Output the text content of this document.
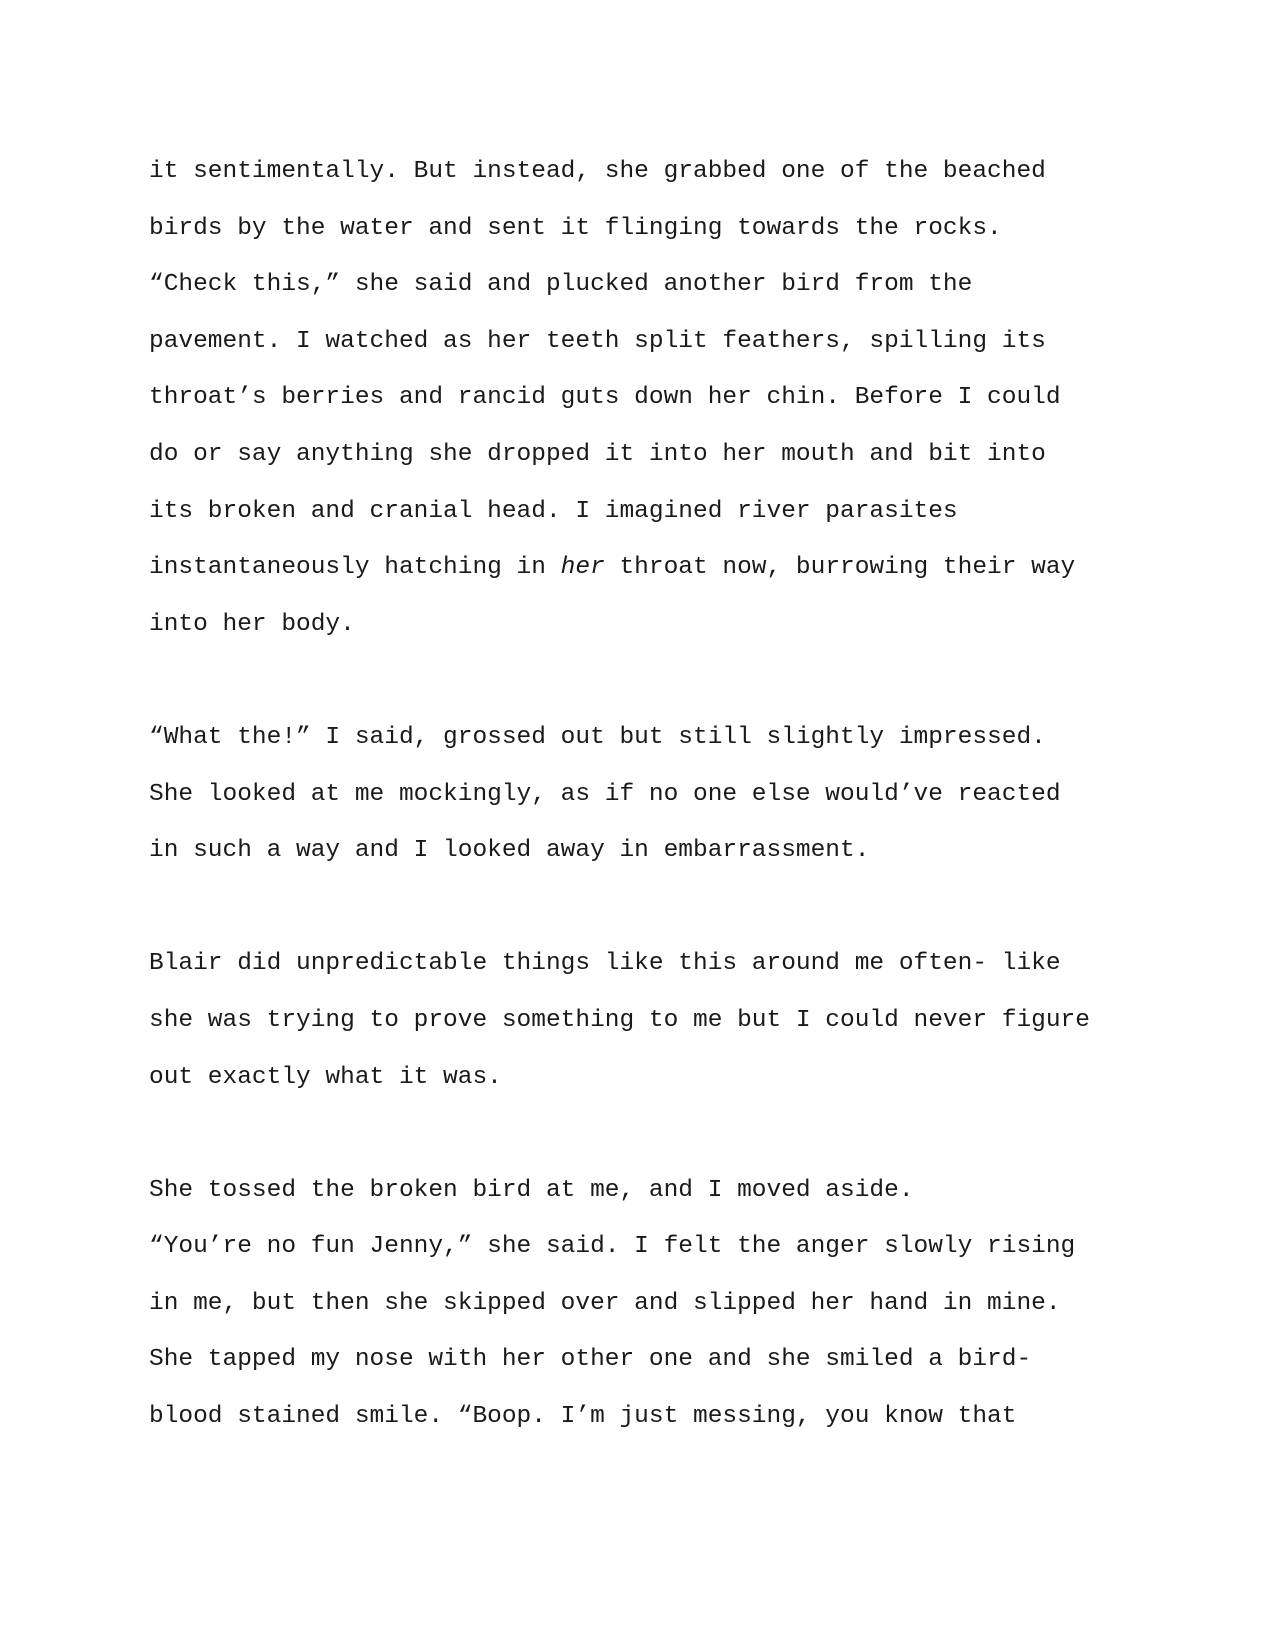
it sentimentally. But instead, she grabbed one of the beached
birds by the water and sent it flinging towards the rocks.
“Check this,” she said and plucked another bird from the
pavement. I watched as her teeth split feathers, spilling its
throat’s berries and rancid guts down her chin. Before I could
do or say anything she dropped it into her mouth and bit into
its broken and cranial head. I imagined river parasites
instantaneously hatching in her throat now, burrowing their way
into her body.
“What the!” I said, grossed out but still slightly impressed.
She looked at me mockingly, as if no one else would’ve reacted
in such a way and I looked away in embarrassment.
Blair did unpredictable things like this around me often- like
she was trying to prove something to me but I could never figure
out exactly what it was.
She tossed the broken bird at me, and I moved aside.
“You’re no fun Jenny,” she said. I felt the anger slowly rising
in me, but then she skipped over and slipped her hand in mine.
She tapped my nose with her other one and she smiled a bird-
blood stained smile. “Boop. I’m just messing, you know that
